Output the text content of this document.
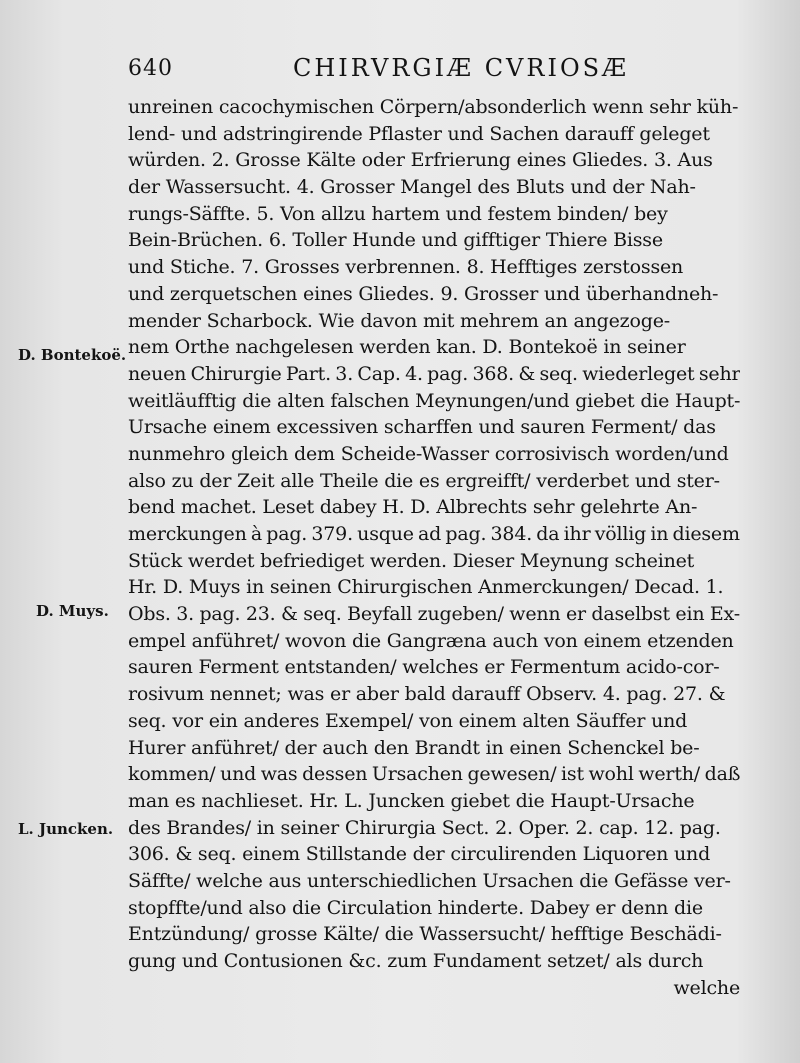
640	CHIRVRGIÆ CVRIOSÆ
D. Bontekoë.
D. Muys.
L. Juncken.
unreinen cacochymischen Cörpern/absonderlich wenn sehr küh-
lend- und adstringirende Pflaster und Sachen darauff geleget
würden. 2. Grosse Kälte oder Erfrierung eines Gliedes. 3. Aus
der Wassersucht. 4. Grosser Mangel des Bluts und der Nah-
rungs-Säffte. 5. Von allzu hartem und festem binden/ bey
Bein-Brüchen. 6. Toller Hunde und gifftiger Thiere Bisse
und Stiche. 7. Grosses verbrennen. 8. Hefftiges zerstossen
und zerquetschen eines Gliedes. 9. Grosser und überhandneh-
mender Scharbock. Wie davon mit mehrem an angezoge-
nem Orthe nachgelesen werden kan. D. Bontekoë in seiner
neuen Chirurgie Part. 3. Cap. 4. pag. 368. & seq. wiederleget sehr
weitläufftig die alten falschen Meynungen/und giebet die Haupt-
Ursache einem excessiven scharffen und sauren Ferment/ das
nunmehro gleich dem Scheide-Wasser corrosivisch worden/und
also zu der Zeit alle Theile die es ergreifft/ verderbet und ster-
bend machet. Leset dabey H. D. Albrechts sehr gelehrte An-
merckungen à pag. 379. usque ad pag. 384. da ihr völlig in diesem
Stück werdet befriediget werden. Dieser Meynung scheinet
Hr. D. Muys in seinen Chirurgischen Anmerckungen/ Decad. 1.
Obs. 3. pag. 23. & seq. Beyfall zugeben/ wenn er daselbst ein Ex-
empel anführet/ wovon die Gangræna auch von einem etzenden
sauren Ferment entstanden/ welches er Fermentum acido-cor-
rosivum nennet; was er aber bald darauff Observ. 4. pag. 27. &
seq. vor ein anderes Exempel/ von einem alten Säuffer und
Hurer anführet/ der auch den Brandt in einen Schenckel be-
kommen/ und was dessen Ursachen gewesen/ ist wohl werth/ daß
man es nachlieset. Hr. L. Juncken giebet die Haupt-Ursache
des Brandes/ in seiner Chirurgia Sect. 2. Oper. 2. cap. 12. pag.
306. & seq. einem Stillstande der circulirenden Liquoren und
Säffte/ welche aus unterschiedlichen Ursachen die Gefässe ver-
stopffte/und also die Circulation hinderte. Dabey er denn die
Entzündung/ grosse Kälte/ die Wassersucht/ hefftige Beschädi-
gung und Contusionen &c. zum Fundament setzet/ als durch
welche
